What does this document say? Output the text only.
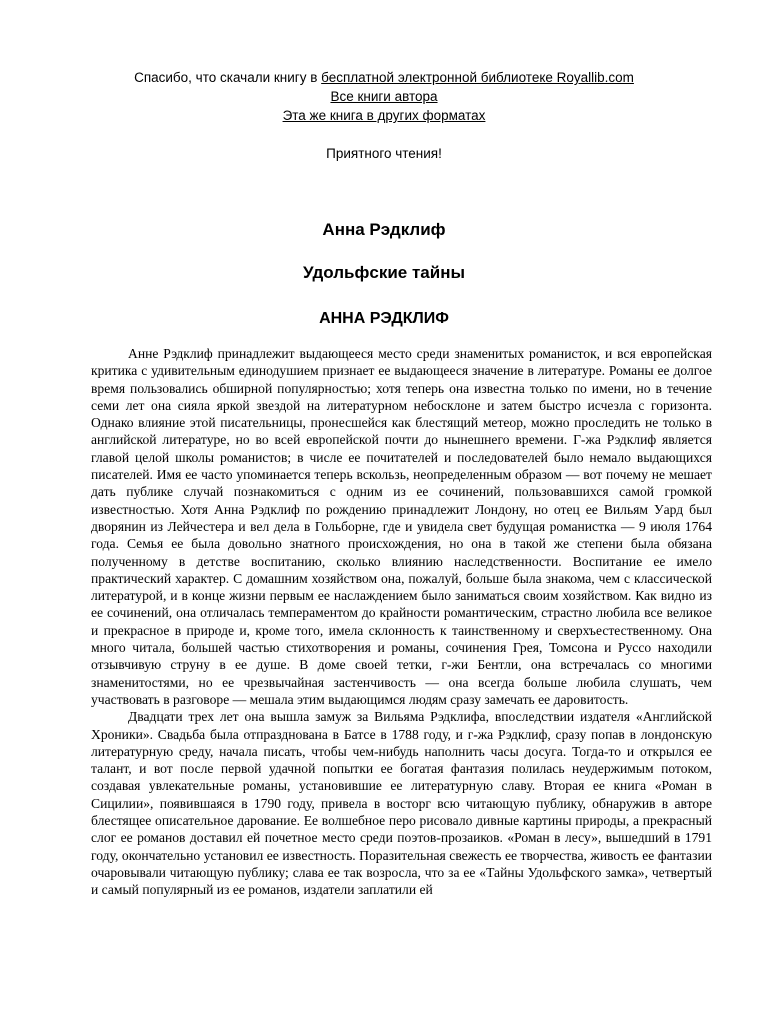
Спасибо, что скачали книгу в бесплатной электронной библиотеке Royallib.com
Все книги автора
Эта же книга в других форматах
Приятного чтения!
Анна Рэдклиф
Удольфские тайны
АННА РЭДКЛИФ

Анне Рэдклиф принадлежит выдающееся место среди знаменитых романисток, и вся европейская критика с удивительным единодушием признает ее выдающееся значение в литературе. Романы ее долгое время пользовались обширной популярностью; хотя теперь она известна только по имени, но в течение семи лет она сияла яркой звездой на литературном небосклоне и затем быстро исчезла с горизонта. Однако влияние этой писательницы, пронесшейся как блестящий метеор, можно проследить не только в английской литературе, но во всей европейской почти до нынешнего времени. Г-жа Рэдклиф является главой целой школы романистов; в числе ее почитателей и последователей было немало выдающихся писателей. Имя ее часто упоминается теперь вскользь, неопределенным образом — вот почему не мешает дать публике случай познакомиться с одним из ее сочинений, пользовавшихся самой громкой известностью. Хотя Анна Рэдклиф по рождению принадлежит Лондону, но отец ее Вильям Уард был дворянин из Лейчестера и вел дела в Гольборне, где и увидела свет будущая романистка — 9 июля 1764 года. Семья ее была довольно знатного происхождения, но она в такой же степени была обязана полученному в детстве воспитанию, сколько влиянию наследственности. Воспитание ее имело практический характер. С домашним хозяйством она, пожалуй, больше была знакома, чем с классической литературой, и в конце жизни первым ее наслаждением было заниматься своим хозяйством. Как видно из ее сочинений, она отличалась темпераментом до крайности романтическим, страстно любила все великое и прекрасное в природе и, кроме того, имела склонность к таинственному и сверхъестественному. Она много читала, большей частью стихотворения и романы, сочинения Грея, Томсона и Руссо находили отзывчивую струну в ее душе. В доме своей тетки, г-жи Бентли, она встречалась со многими знаменитостями, но ее чрезвычайная застенчивость — она всегда больше любила слушать, чем участвовать в разговоре — мешала этим выдающимся людям сразу замечать ее даровитость.

Двадцати трех лет она вышла замуж за Вильяма Рэдклифа, впоследствии издателя «Английской Хроники». Свадьба была отпразднована в Батсе в 1788 году, и г-жа Рэдклиф, сразу попав в лондонскую литературную среду, начала писать, чтобы чем-нибудь наполнить часы досуга. Тогда-то и открылся ее талант, и вот после первой удачной попытки ее богатая фантазия полилась неудержимым потоком, создавая увлекательные романы, установившие ее литературную славу. Вторая ее книга «Роман в Сицилии», появившаяся в 1790 году, привела в восторг всю читающую публику, обнаружив в авторе блестящее описательное дарование. Ее волшебное перо рисовало дивные картины природы, а прекрасный слог ее романов доставил ей почетное место среди поэтов-прозаиков. «Роман в лесу», вышедший в 1791 году, окончательно установил ее известность. Поразительная свежесть ее творчества, живость ее фантазии очаровывали читающую публику; слава ее так возросла, что за ее «Тайны Удольфского замка», четвертый и самый популярный из ее романов, издатели заплатили ей
